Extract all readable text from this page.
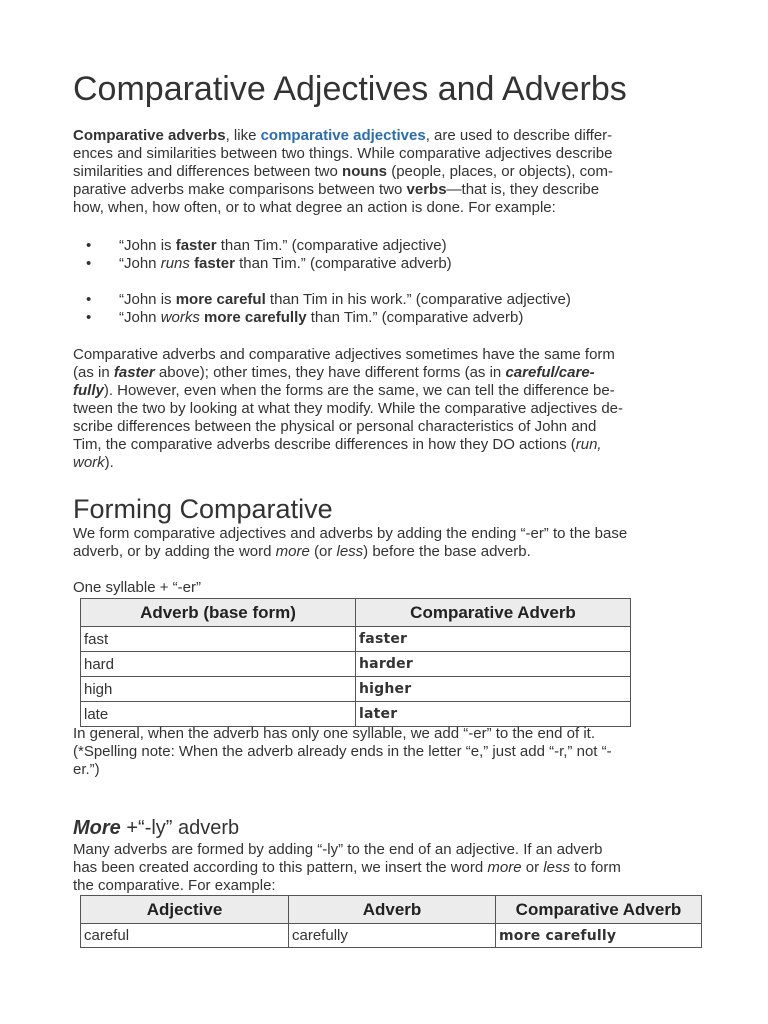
Comparative Adjectives and Adverbs
Comparative adverbs, like comparative adjectives, are used to describe differ-
ences and similarities between two things. While comparative adjectives describe
similarities and differences between two nouns (people, places, or objects), com-
parative adverbs make comparisons between two verbs—that is, they describe
how, when, how often, or to what degree an action is done. For example:
• “John is faster than Tim.” (comparative adjective)
• “John runs faster than Tim.” (comparative adverb)
• “John is more careful than Tim in his work.” (comparative adjective)
• “John works more carefully than Tim.” (comparative adverb)
Comparative adverbs and comparative adjectives sometimes have the same form
(as in faster above); other times, they have different forms (as in careful/care-
fully). However, even when the forms are the same, we can tell the difference be-
tween the two by looking at what they modify. While the comparative adjectives de-
scribe differences between the physical or personal characteristics of John and
Tim, the comparative adverbs describe differences in how they DO actions (run,
work).
Forming Comparative
We form comparative adjectives and adverbs by adding the ending “-er” to the base
adverb, or by adding the word more (or less) before the base adverb.
One syllable + “-er”
Adverb (base form)	Comparative Adverb
fast	faster
hard	harder
high	higher
late	later
In general, when the adverb has only one syllable, we add “-er” to the end of it.
(*Spelling note: When the adverb already ends in the letter “e,” just add “-r,” not “-
er.”)
More +“-ly” adverb
Many adverbs are formed by adding “-ly” to the end of an adjective. If an adverb
has been created according to this pattern, we insert the word more or less to form
the comparative. For example:
Adjective	Adverb	Comparative Adverb
careful	carefully	more carefully
